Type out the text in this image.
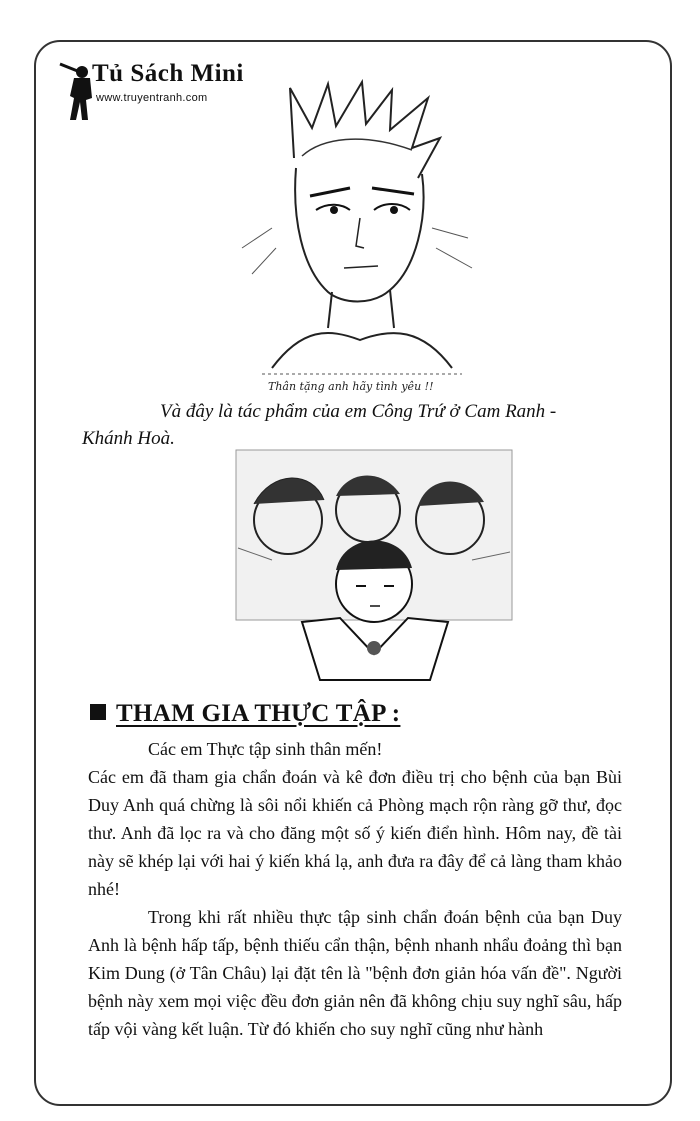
Tủ Sách Mini
www.truyentranh.com
Thân tặng anh hãy tình yêu !!
Và đây là tác phẩm của em Công Trứ ở Cam Ranh -
Khánh Hoà.
THAM GIA THỰC TẬP :

Các em Thực tập sinh thân mến!

Các em đã tham gia chẩn đoán và kê đơn điều trị cho bệnh của bạn Bùi Duy Anh quá chừng là sôi nổi khiến cả Phòng mạch rộn ràng gỡ thư, đọc thư. Anh đã lọc ra và cho đăng một số ý kiến điển hình. Hôm nay, đề tài này sẽ khép lại với hai ý kiến khá lạ, anh đưa ra đây để cả làng tham khảo nhé!

Trong khi rất nhiều thực tập sinh chẩn đoán bệnh của bạn Duy Anh là bệnh hấp tấp, bệnh thiếu cẩn thận, bệnh nhanh nhẩu đoảng thì bạn Kim Dung (ở Tân Châu) lại đặt tên là "bệnh đơn giản hóa vấn đề". Người bệnh này xem mọi việc đều đơn giản nên đã không chịu suy nghĩ sâu, hấp tấp vội vàng kết luận. Từ đó khiến cho suy nghĩ cũng như hành
